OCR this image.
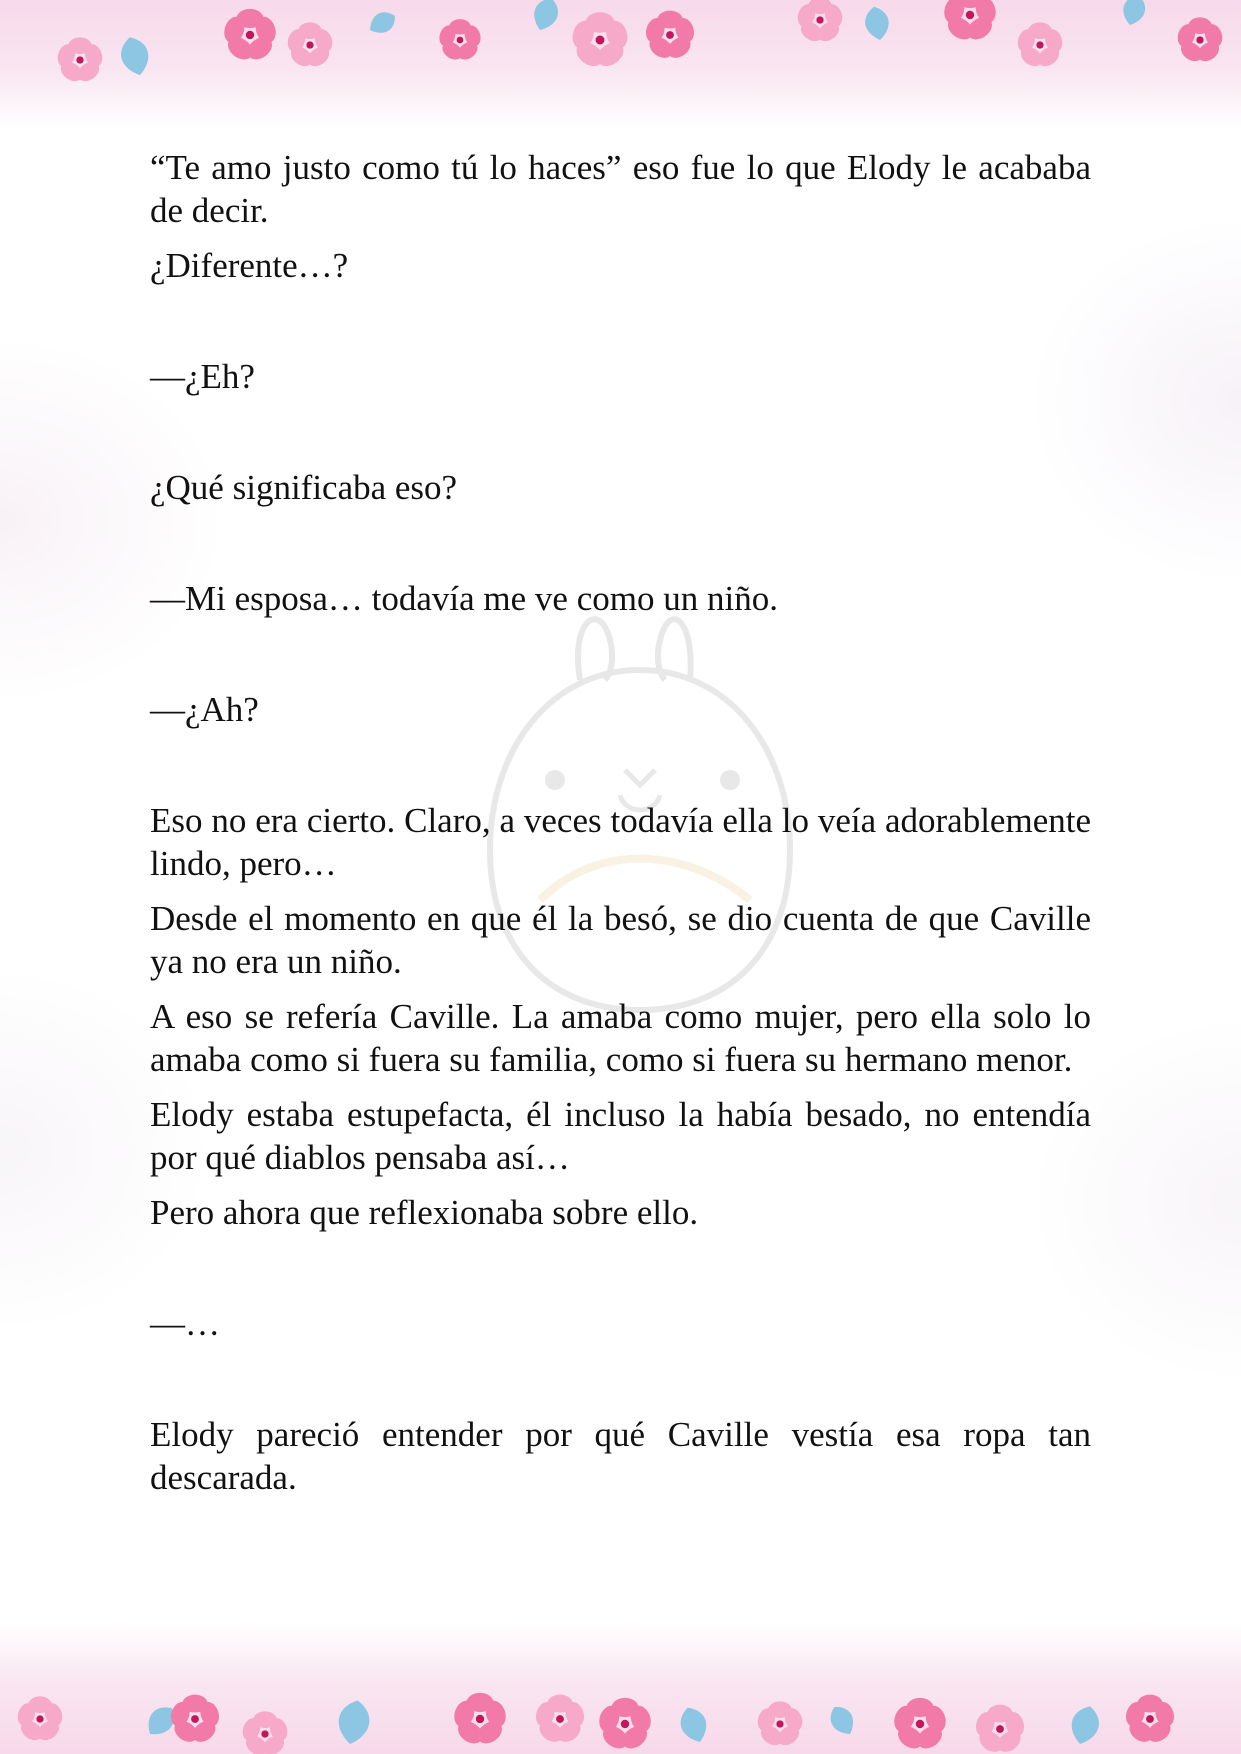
“Te amo justo como tú lo haces” eso fue lo que Elody le acababa de decir.

¿Diferente…?

—¿Eh?

¿Qué significaba eso?

—Mi esposa… todavía me ve como un niño.

—¿Ah?

Eso no era cierto. Claro, a veces todavía ella lo veía adorablemente lindo, pero…

Desde el momento en que él la besó, se dio cuenta de que Caville ya no era un niño.

A eso se refería Caville. La amaba como mujer, pero ella solo lo amaba como si fuera su familia, como si fuera su hermano menor.

Elody estaba estupefacta, él incluso la había besado, no entendía por qué diablos pensaba así…

Pero ahora que reflexionaba sobre ello.

—…

Elody pareció entender por qué Caville vestía esa ropa tan descarada.
